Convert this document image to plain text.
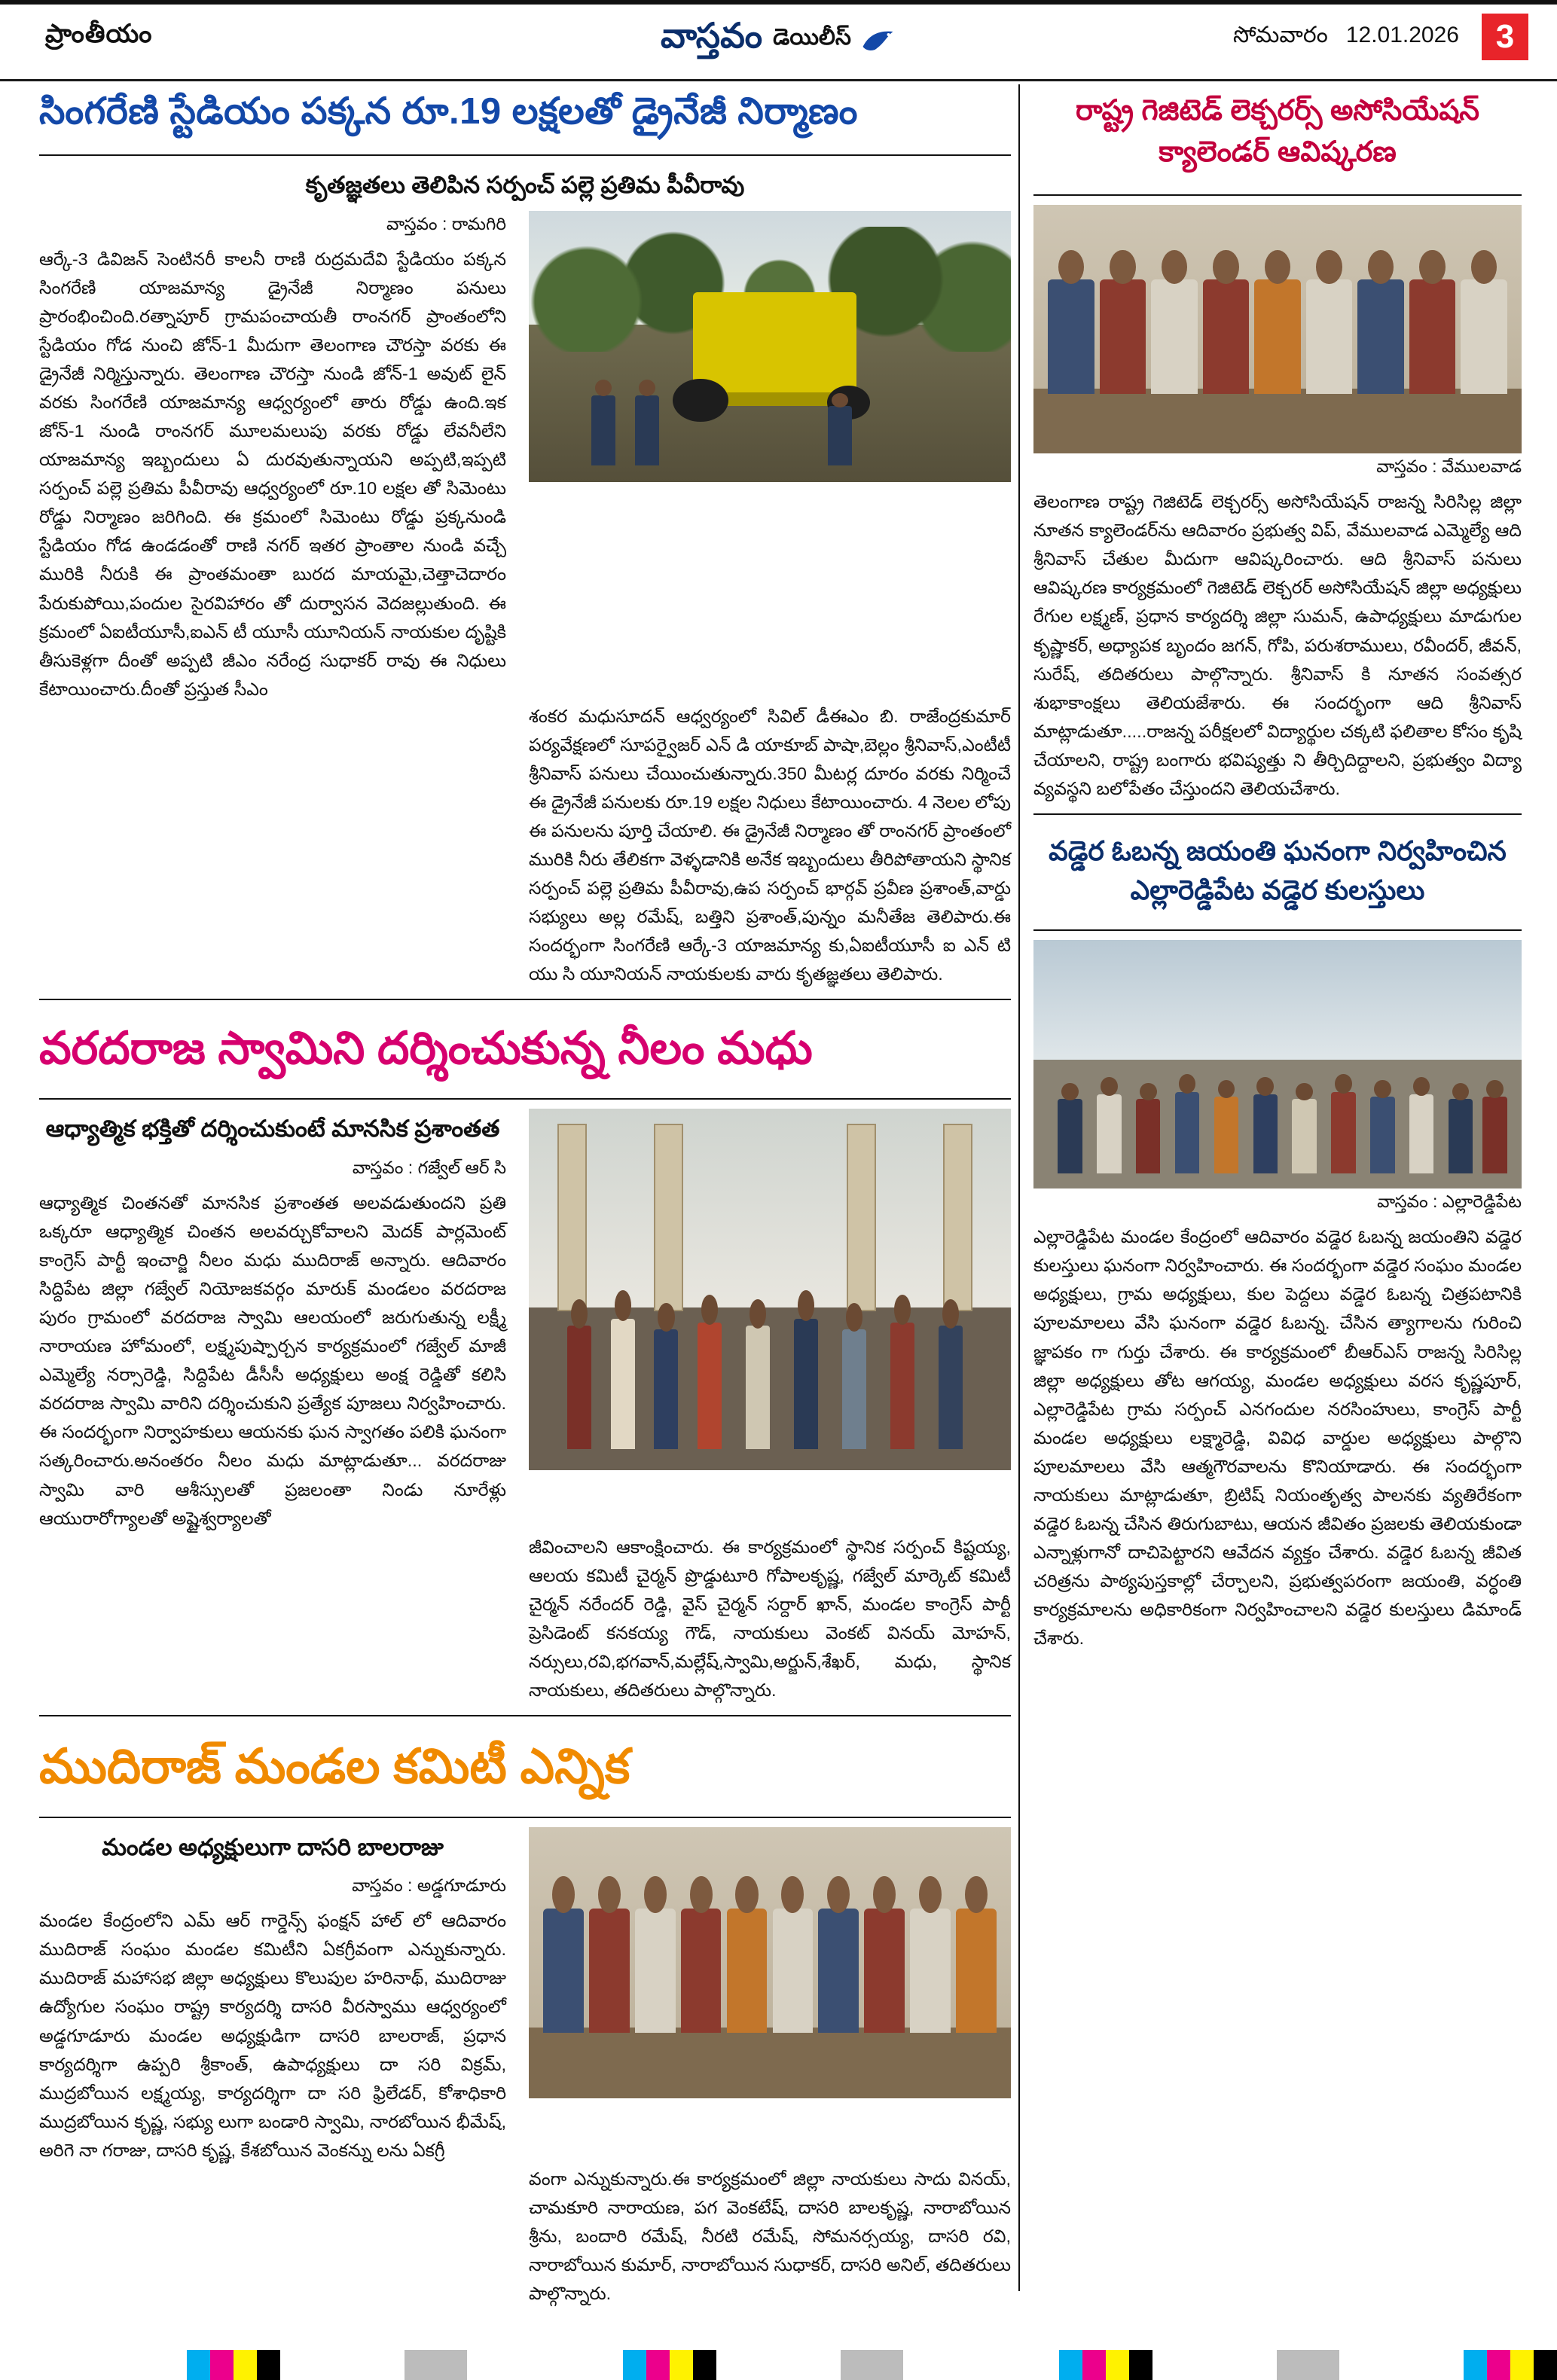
ప్రాంతీయం	వాస్తవం డెయిలీస్	సోమవారం 12.01.2026	3
సింగరేణి స్టేడియం పక్కన రూ.19 లక్షలతో డ్రైనేజీ నిర్మాణం
కృతజ్ఞతలు తెలిపిన సర్పంచ్ పల్లె ప్రతిమ పీవీరావు
వాస్తవం : రామగిరి
ఆర్కే-3 డివిజన్ సెంటినరీ కాలనీ రాణి రుద్రమదేవి స్టేడియం పక్కన సింగరేణి యాజమాన్య డ్రైనేజీ నిర్మాణం పనులు ప్రారంభించింది.రత్నాపూర్ గ్రామపంచాయతీ రాంనగర్ ప్రాంతంలోని స్టేడియం గోడ నుంచి జోన్-1 మీదుగా తెలంగాణ చౌరస్తా వరకు ఈ డ్రైనేజీ నిర్మిస్తున్నారు. తెలంగాణ చౌరస్తా నుండి జోన్-1 అవుట్ లైన్ వరకు సింగరేణి యాజమాన్య ఆధ్వర్యంలో తారు రోడ్డు ఉంది.ఇక జోన్-1 నుండి రాంనగర్ మూలమలుపు వరకు రోడ్డు లేవనీలేని యాజమాన్య ఇబ్బందులు ఏ దురవుతున్నాయని అప్పటి,ఇప్పటి సర్పంచ్ పల్లె ప్రతిమ పీవీరావు ఆధ్వర్యంలో రూ.10 లక్షల తో సిమెంటు రోడ్డు నిర్మాణం జరిగింది. ఈ క్రమంలో సిమెంటు రోడ్డు ప్రక్కనుండి స్టేడియం గోడ ఉండడంతో రాణి నగర్ ఇతర ప్రాంతాల నుండి వచ్చే మురికి నీరుకి ఈ ప్రాంతమంతా బురద మాయమై,చెత్తాచెదారం పేరుకుపోయి,పందుల సైరవిహారం తో దుర్వాసన వెదజల్లుతుంది. ఈ క్రమంలో ఏఐటీయూసీ,ఐఎన్ టీ యూసీ యూనియన్ నాయకుల దృష్టికి తీసుకెళ్లగా దీంతో అప్పటి జీఎం నరేంద్ర సుధాకర్ రావు ఈ నిధులు కేటాయించారు.దీంతో ప్రస్తుత సీఎం
శంకర మధుసూదన్ ఆధ్వర్యంలో సివిల్ డీఈఎం బి. రాజేంద్రకుమార్ పర్యవేక్షణలో సూపర్వైజర్ ఎన్ డి యాకూబ్ పాషా,బెల్లం శ్రీనివాస్,ఎంటీటీ శ్రీనివాస్ పనులు చేయించుతున్నారు.350 మీటర్ల దూరం వరకు నిర్మించే ఈ డ్రైనేజీ పనులకు రూ.19 లక్షల నిధులు కేటాయించారు. 4 నెలల లోపు ఈ పనులను పూర్తి చేయాలి. ఈ డ్రైనేజీ నిర్మాణం తో రాంనగర్ ప్రాంతంలో మురికి నీరు తేలికగా వెళ్ళడానికి అనేక ఇబ్బందులు తీరిపోతాయని స్థానిక సర్పంచ్ పల్లె ప్రతిమ పీవీరావు,ఉప సర్పంచ్ భార్గవ్ ప్రవీణ ప్రశాంత్,వార్డు సభ్యులు అల్ల రమేష్, బత్తిని ప్రశాంత్,పున్నం మనీతేజ తెలిపారు.ఈ సందర్భంగా సింగరేణి ఆర్కే-3 యాజమాన్య కు,ఏఐటీయూసీ ఐ ఎన్ టి యు సి యూనియన్ నాయకులకు వారు కృతజ్ఞతలు తెలిపారు.
వరదరాజ స్వామిని దర్శించుకున్న నీలం మధు
ఆధ్యాత్మిక భక్తితో దర్శించుకుంటే మానసిక ప్రశాంతత
వాస్తవం : గజ్వేల్ ఆర్ సి
ఆధ్యాత్మిక చింతనతో మానసిక ప్రశాంతత అలవడుతుందని ప్రతి ఒక్కరూ ఆధ్యాత్మిక చింతన అలవర్చుకోవాలని మెదక్ పార్లమెంట్ కాంగ్రెస్ పార్టీ ఇంచార్జి నీలం మధు ముదిరాజ్ అన్నారు. ఆదివారం సిద్దిపేట జిల్లా గజ్వేల్ నియోజకవర్గం మారుక్ మండలం వరదరాజ పురం గ్రామంలో వరదరాజ స్వామి ఆలయంలో జరుగుతున్న లక్ష్మీ నారాయణ హోమంలో, లక్ష్మపుష్పార్చన కార్యక్రమంలో గజ్వేల్ మాజీ ఎమ్మెల్యే నర్సారెడ్డి, సిద్దిపేట డీసీసీ అధ్యక్షులు అంక్ష రెడ్డితో కలిసి వరదరాజ స్వామి వారిని దర్శించుకుని ప్రత్యేక పూజలు నిర్వహించారు. ఈ సందర్భంగా నిర్వాహకులు ఆయనకు ఘన స్వాగతం పలికి ఘనంగా సత్కరించారు.అనంతరం నీలం మధు మాట్లాడుతూ... వరదరాజు స్వామి వారి ఆశీస్సులతో ప్రజలంతా నిండు నూరేళ్లు ఆయురారోగ్యాలతో అష్టైశ్వర్యాలతో
జీవించాలని ఆకాంక్షించారు. ఈ కార్యక్రమంలో స్థానిక సర్పంచ్ కిష్టయ్య, ఆలయ కమిటీ చైర్మన్ ప్రొడ్డుటూరి గోపాలకృష్ణ, గజ్వేల్ మార్కెట్ కమిటీ చైర్మన్ నరేందర్ రెడ్డి, వైస్ చైర్మన్ సర్దార్ ఖాన్, మండల కాంగ్రెస్ పార్టీ ప్రెసిడెంట్ కనకయ్య గౌడ్, నాయకులు వెంకట్ వినయ్ మోహన్, నర్సులు,రవి,భగవాన్,మల్లేష్,స్వామి,అర్జున్,శేఖర్, మధు, స్థానిక నాయకులు, తదితరులు పాల్గొన్నారు.
ముదిరాజ్ మండల కమిటీ ఎన్నిక
మండల అధ్యక్షులుగా దాసరి బాలరాజు
వాస్తవం : అడ్డగూడూరు
మండల కేంద్రంలోని ఎమ్ ఆర్ గార్డెన్స్ ఫంక్షన్ హాల్ లో ఆదివారం ముదిరాజ్ సంఘం మండల కమిటీని ఏకగ్రీవంగా ఎన్నుకున్నారు. ముదిరాజ్ మహాసభ జిల్లా అధ్యక్షులు కొలుపుల హరినాథ్, ముదిరాజు ఉద్యోగుల సంఘం రాష్ట్ర కార్యదర్శి దాసరి వీరస్వాము ఆధ్వర్యంలో అడ్డగూడూరు మండల అధ్యక్షుడిగా దాసరి బాలరాజ్, ప్రధాన కార్యదర్శిగా ఉప్పరి శ్రీకాంత్, ఉపాధ్యక్షులు దా సరి విక్రమ్, ముద్రబోయిన లక్ష్మయ్య, కార్యదర్శిగా దా సరి ఫ్రిలేడర్, కోశాధికారి ముద్రబోయిన కృష్ణ, సభ్యు లుగా బండారి స్వామి, నారబోయిన భీమేష్, అరిగె నా గరాజు, దాసరి కృష్ణ, కేశబోయిన వెంకన్ను లను ఏకగ్రీ
వంగా ఎన్నుకున్నారు.ఈ కార్యక్రమంలో జిల్లా నాయకులు సాదు వినయ్, చామకూరి నారాయణ, పగ వెంకటేష్, దాసరి బాలకృష్ణ, నారాబోయిన శ్రీను, బందారి రమేష్, నీరటి రమేష్, సోమనర్సయ్య, దాసరి రవి, నారాబోయిన కుమార్, నారాబోయిన సుధాకర్, దాసరి అనిల్, తదితరులు పాల్గొన్నారు.
రాష్ట్ర గెజిటెడ్ లెక్చరర్స్ అసోసియేషన్ క్యాలెండర్ ఆవిష్కరణ
వాస్తవం : వేములవాడ
తెలంగాణ రాష్ట్ర గెజిటెడ్ లెక్చరర్స్ అసోసియేషన్ రాజన్న సిరిసిల్ల జిల్లా నూతన క్యాలెండర్‌ను ఆదివారం ప్రభుత్వ విప్, వేములవాడ ఎమ్మెల్యే ఆది శ్రీనివాస్ చేతుల మీదుగా ఆవిష్కరించారు. ఆది శ్రీనివాస్ పనులు ఆవిష్కరణ కార్యక్రమంలో గెజిటెడ్ లెక్చరర్ అసోసియేషన్ జిల్లా అధ్యక్షులు రేగుల లక్ష్మణ్, ప్రధాన కార్యదర్శి జిల్లా సుమన్, ఉపాధ్యక్షులు మాడుగుల కృష్ణాకర్, అధ్యాపక బృందం జగన్, గోపి, పరుశరాములు, రవీందర్, జీవన్, సురేష్, తదితరులు పాల్గొన్నారు. శ్రీనివాస్ కి నూతన సంవత్సర శుభాకాంక్షలు తెలియజేశారు. ఈ సందర్భంగా ఆది శ్రీనివాస్ మాట్లాడుతూ.....రాజన్న పరీక్షలలో విద్యార్థుల చక్కటి ఫలితాల కోసం కృషి చేయాలని, రాష్ట్ర బంగారు భవిష్యత్తు ని తీర్చిదిద్దాలని, ప్రభుత్వం విద్యా వ్యవస్థని బలోపేతం చేస్తుందని తెలియచేశారు.
వడ్డెర ఓబన్న జయంతి ఘనంగా నిర్వహించిన ఎల్లారెడ్డిపేట వడ్డెర కులస్తులు
వాస్తవం : ఎల్లారెడ్డిపేట
ఎల్లారెడ్డిపేట మండల కేంద్రంలో ఆదివారం వడ్డెర ఓబన్న జయంతిని వడ్డెర కులస్తులు ఘనంగా నిర్వహించారు. ఈ సందర్భంగా వడ్డెర సంఘం మండల అధ్యక్షులు, గ్రామ అధ్యక్షులు, కుల పెద్దలు వడ్డెర ఓబన్న చిత్రపటానికి పూలమాలలు వేసి ఘనంగా వడ్డెర ఓబన్న. చేసిన త్యాగాలను గురించి జ్ఞాపకం గా గుర్తు చేశారు. ఈ కార్యక్రమంలో బీఆర్ఎస్ రాజన్న సిరిసిల్ల జిల్లా అధ్యక్షులు తోట ఆగయ్య, మండల అధ్యక్షులు వరస కృష్ణపూర్, ఎల్లారెడ్డిపేట గ్రామ సర్పంచ్ ఎనగందుల నరసింహులు, కాంగ్రెస్ పార్టీ మండల అధ్యక్షులు లక్ష్మారెడ్డి, వివిధ వార్డుల అధ్యక్షులు పాల్గొని పూలమాలలు వేసి ఆత్మగౌరవాలను కొనియాడారు. ఈ సందర్భంగా నాయకులు మాట్లాడుతూ, బ్రిటిష్ నియంతృత్వ పాలనకు వ్యతిరేకంగా వడ్డెర ఓబన్న చేసిన తిరుగుబాటు, ఆయన జీవితం ప్రజలకు తెలియకుండా ఎన్నాళ్లుగానో దాచిపెట్టారని ఆవేదన వ్యక్తం చేశారు. వడ్డెర ఓబన్న జీవిత చరిత్రను పాఠ్యపుస్తకాల్లో చేర్చాలని, ప్రభుత్వపరంగా జయంతి, వర్ధంతి కార్యక్రమాలను అధికారికంగా నిర్వహించాలని వడ్డెర కులస్తులు డిమాండ్ చేశారు.
